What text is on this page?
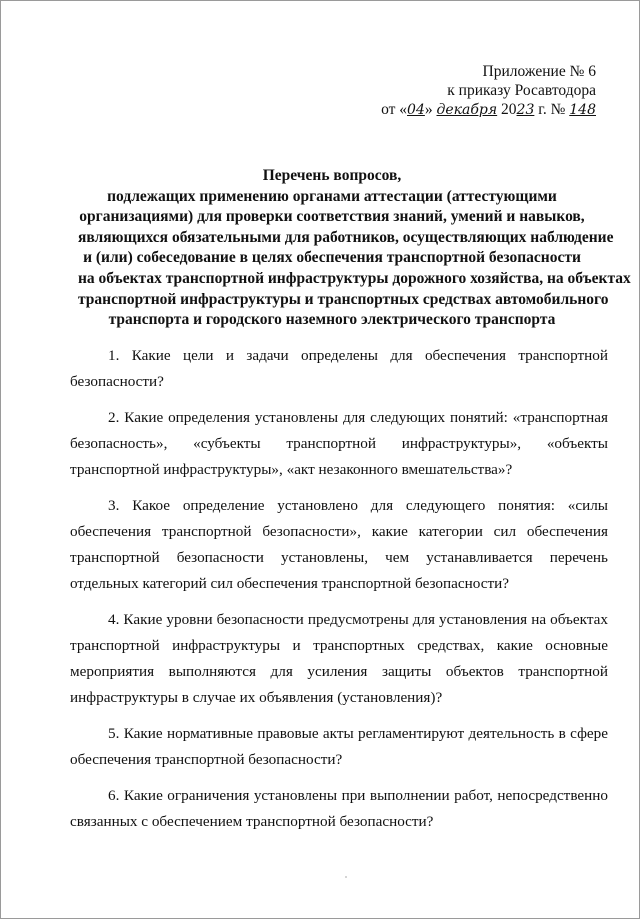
Приложение № 6
к приказу Росавтодора
от «04» декабря 2023 г. № 148
Перечень вопросов,
подлежащих применению органами аттестации (аттестующими
организациями) для проверки соответствия знаний, умений и навыков,
являющихся обязательными для работников, осуществляющих наблюдение
и (или) собеседование в целях обеспечения транспортной безопасности
на объектах транспортной инфраструктуры дорожного хозяйства, на объектах
транспортной инфраструктуры и транспортных средствах автомобильного
транспорта и городского наземного электрического транспорта

1. Какие цели и задачи определены для обеспечения транспортной безопасности?

2. Какие определения установлены для следующих понятий: «транспортная безопасность», «субъекты транспортной инфраструктуры», «объекты транспортной инфраструктуры», «акт незаконного вмешательства»?

3. Какое определение установлено для следующего понятия: «силы обеспечения транспортной безопасности», какие категории сил обеспечения транспортной безопасности установлены, чем устанавливается перечень отдельных категорий сил обеспечения транспортной безопасности?

4. Какие уровни безопасности предусмотрены для установления на объектах транспортной инфраструктуры и транспортных средствах, какие основные мероприятия выполняются для усиления защиты объектов транспортной инфраструктуры в случае их объявления (установления)?

5. Какие нормативные правовые акты регламентируют деятельность в сфере обеспечения транспортной безопасности?

6. Какие ограничения установлены при выполнении работ, непосредственно связанных с обеспечением транспортной безопасности?
